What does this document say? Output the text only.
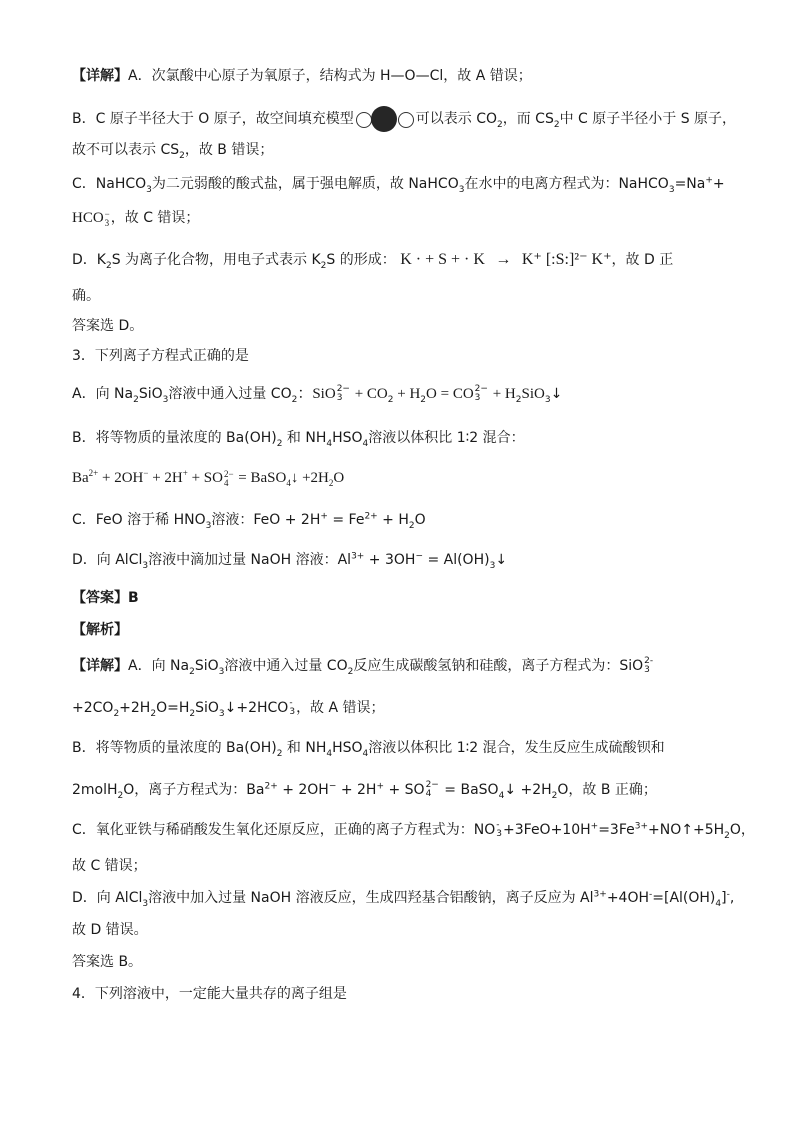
【详解】A．次氯酸中心原子为氧原子，结构式为 H—O—Cl，故 A 错误；
B．C 原子半径大于 O 原子，故空间填充模型	可以表示 $CO_2$，而 $CS_2$中 C 原子半径小于 S 原子，
故不可以表示 $CS_2$，故 B 错误；
C．NaHCO$_3$为二元弱酸的酸式盐，属于强电解质，故 NaHCO$_3$在水中的电离方程式为：NaHCO$_3$=Na++
HCO −
3 ，故 C 错误；
D．$K_2S$ 为离子化合物，用电子式表示 $K_2S$ 的形成： K · + S + · K → K⁺ [:S:]²⁻ K⁺，故 D 正
确。
答案选 D。
3．下列离子方程式正确的是
A．向 $Na_2SiO_3$溶液中通入过量 $CO_2$：SiO 2−
$3 + CO_2 + H_2O$ = CO 2−
$3 + H_2SiO_3↓$
B．将等物质的量浓度的 $Ba(OH)_2$ 和 $NH_4HSO_4$溶液以体积比 1∶2 混合：
$Ba^{2+} + 2OH^- + 2H^+$ + SO 2−
4 = BaSO$_4$↓ $+2H_2O$
C．FeO 溶于稀 $HNO_3$溶液：FeO + $2H^+ = Fe^{2+} + H_2O$
D．向 AlCl$_3$溶液中滴加过量 NaOH 溶液：$Al^{3+} + 3OH^-$ = $Al(OH)_3↓$
【答案】B
【解析】
【详解】A．向 $Na_2SiO_3$溶液中通入过量 $CO_2$反应生成碳酸氢钠和硅酸，离子方程式为：SiO 2-
3
$+2CO_2+2H_2O=H_2SiO_3↓+2HCO$ -
3 ，故 A 错误；
B．将等物质的量浓度的 $Ba(OH)_2$ 和 $NH_4HSO_4$溶液以体积比 1∶2 混合，发生反应生成硫酸钡和
2molH$_2$O，离子方程式为：$Ba^{2+} + 2OH^- + 2H^+$ + SO 2−
4 = BaSO$_4$↓ $+2H_2O$，故 B 正确；
C．氧化亚铁与稀硝酸发生氧化还原反应，正确的离子方程式为：NO -
$3 +3FeO+10H^+=3Fe^{3+}+NO↑+5H_2O$，
故 C 错误；
D．向 AlCl$_3$溶液中加入过量 NaOH 溶液反应，生成四羟基合铝酸钠，离子反应为 $Al^{3+}+4OH^-=[Al(OH)_4]^-$,
故 D 错误。
答案选 B。
4．下列溶液中，一定能大量共存的离子组是
